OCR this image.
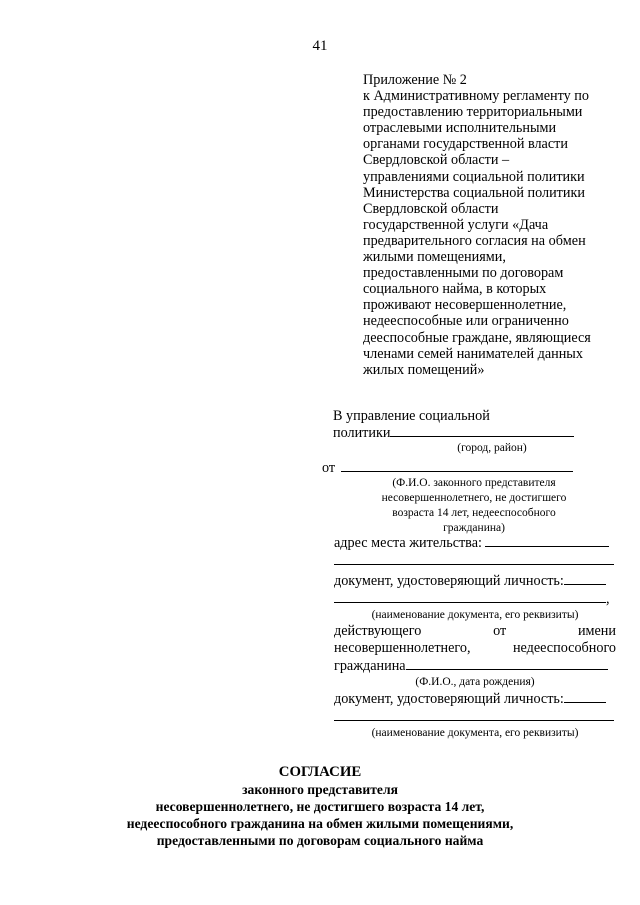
41
Приложение № 2
к Административному регламенту по
предоставлению территориальными
отраслевыми исполнительными
органами государственной власти
Свердловской области –
управлениями социальной политики
Министерства социальной политики
Свердловской области
государственной услуги «Дача
предварительного согласия на обмен
жилыми помещениями,
предоставленными по договорам
социального найма, в которых
проживают несовершеннолетние,
недееспособные или ограниченно
дееспособные граждане, являющиеся
членами семей нанимателей данных
жилых помещений»
В управление социальной
политики
(город, район)
от
(Ф.И.О. законного представителя
несовершеннолетнего, не достигшего
возраста 14 лет, недееспособного
гражданина)
адрес места жительства:
документ, удостоверяющий личность:
,
(наименование документа, его реквизиты)
действующего	от	имени
несовершеннолетнего,	недееспособного
гражданина
(Ф.И.О., дата рождения)
документ, удостоверяющий личность:
(наименование документа, его реквизиты)
СОГЛАСИЕ
законного представителя
несовершеннолетнего, не достигшего возраста 14 лет,
недееспособного гражданина на обмен жилыми помещениями,
предоставленными по договорам социального найма
